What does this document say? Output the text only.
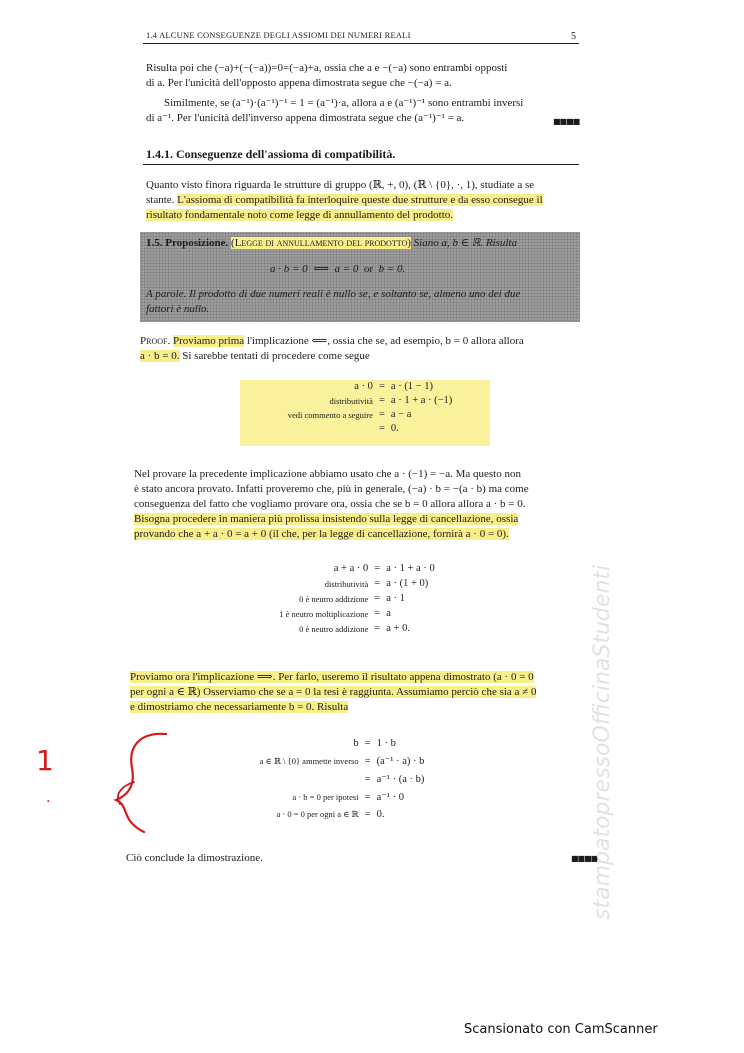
1.4 ALCUNE CONSEGUENZE DEGLI ASSIOMI DEI NUMERI REALI	5
Risulta poi che (−a)+(−(−a))=0=(−a)+a, ossia che a e −(−a) sono entrambi opposti
di a. Per l'unicità dell'opposto appena dimostrata segue che −(−a) = a.
Similmente, se (a⁻¹)·(a⁻¹)⁻¹ = 1 = (a⁻¹)·a, allora a e (a⁻¹)⁻¹ sono entrambi inversi
di a⁻¹. Per l'unicità dell'inverso appena dimostrata segue che (a⁻¹)⁻¹ = a.	■■■■
1.4.1. Conseguenze dell'assioma di compatibilità.
Quanto visto finora riguarda le strutture di gruppo (ℝ, +, 0), (ℝ \ {0}, ·, 1), studiate a se
stante. L'assioma di compatibilità fa interloquire queste due strutture e da esso consegue il
risultato fondamentale noto come legge di annullamento del prodotto.
1.5. Proposizione. (Legge di annullamento del prodotto) Siano a, b ∈ ℝ. Risulta
a · b = 0 ⟺ a = 0 or b = 0.
A parole. Il prodotto di due numeri reali è nullo se, e soltanto se, almeno uno dei due
fattori è nullo.
Proof. Proviamo prima l'implicazione ⟸, ossia che se, ad esempio, b = 0 allora allora
a · b = 0. Si sarebbe tentati di procedere come segue
a · 0 = a · (1 − 1)
distributività = a · 1 + a · (−1)
vedi commento a seguire = a − a
= 0.
Nel provare la precedente implicazione abbiamo usato che a · (−1) = −a. Ma questo non
è stato ancora provato. Infatti proveremo che, più in generale, (−a) · b = −(a · b) ma come
conseguenza del fatto che vogliamo provare ora, ossia che se b = 0 allora allora a · b = 0.
Bisogna procedere in maniera più prolissa insistendo sulla legge di cancellazione, ossia
provando che a + a · 0 = a + 0 (il che, per la legge di cancellazione, fornirà a · 0 = 0).
a + a · 0 = a · 1 + a · 0
distributività = a · (1 + 0)
0 è neutro addizione = a · 1
1 è neutro moltiplicazione = a
0 è neutro addizione = a + 0.
Proviamo ora l'implicazione ⟹. Per farlo, useremo il risultato appena dimostrato (a · 0 = 0
per ogni a ∈ ℝ) Osserviamo che se a = 0 la tesi è raggiunta. Assumiamo perciò che sia a ≠ 0
e dimostriamo che necessariamente b = 0. Risulta
b = 1 · b
a ∈ ℝ \ {0} ammette inverso = (a⁻¹ · a) · b
= a⁻¹ · (a · b)
a · b = 0 per ipotesi = a⁻¹ · 0
a · 0 = 0 per ogni a ∈ ℝ = 0.
1
.
Ciò conclude la dimostrazione.	■■■■
stampatopressoOfficinaStudenti
Scansionato con CamScanner
